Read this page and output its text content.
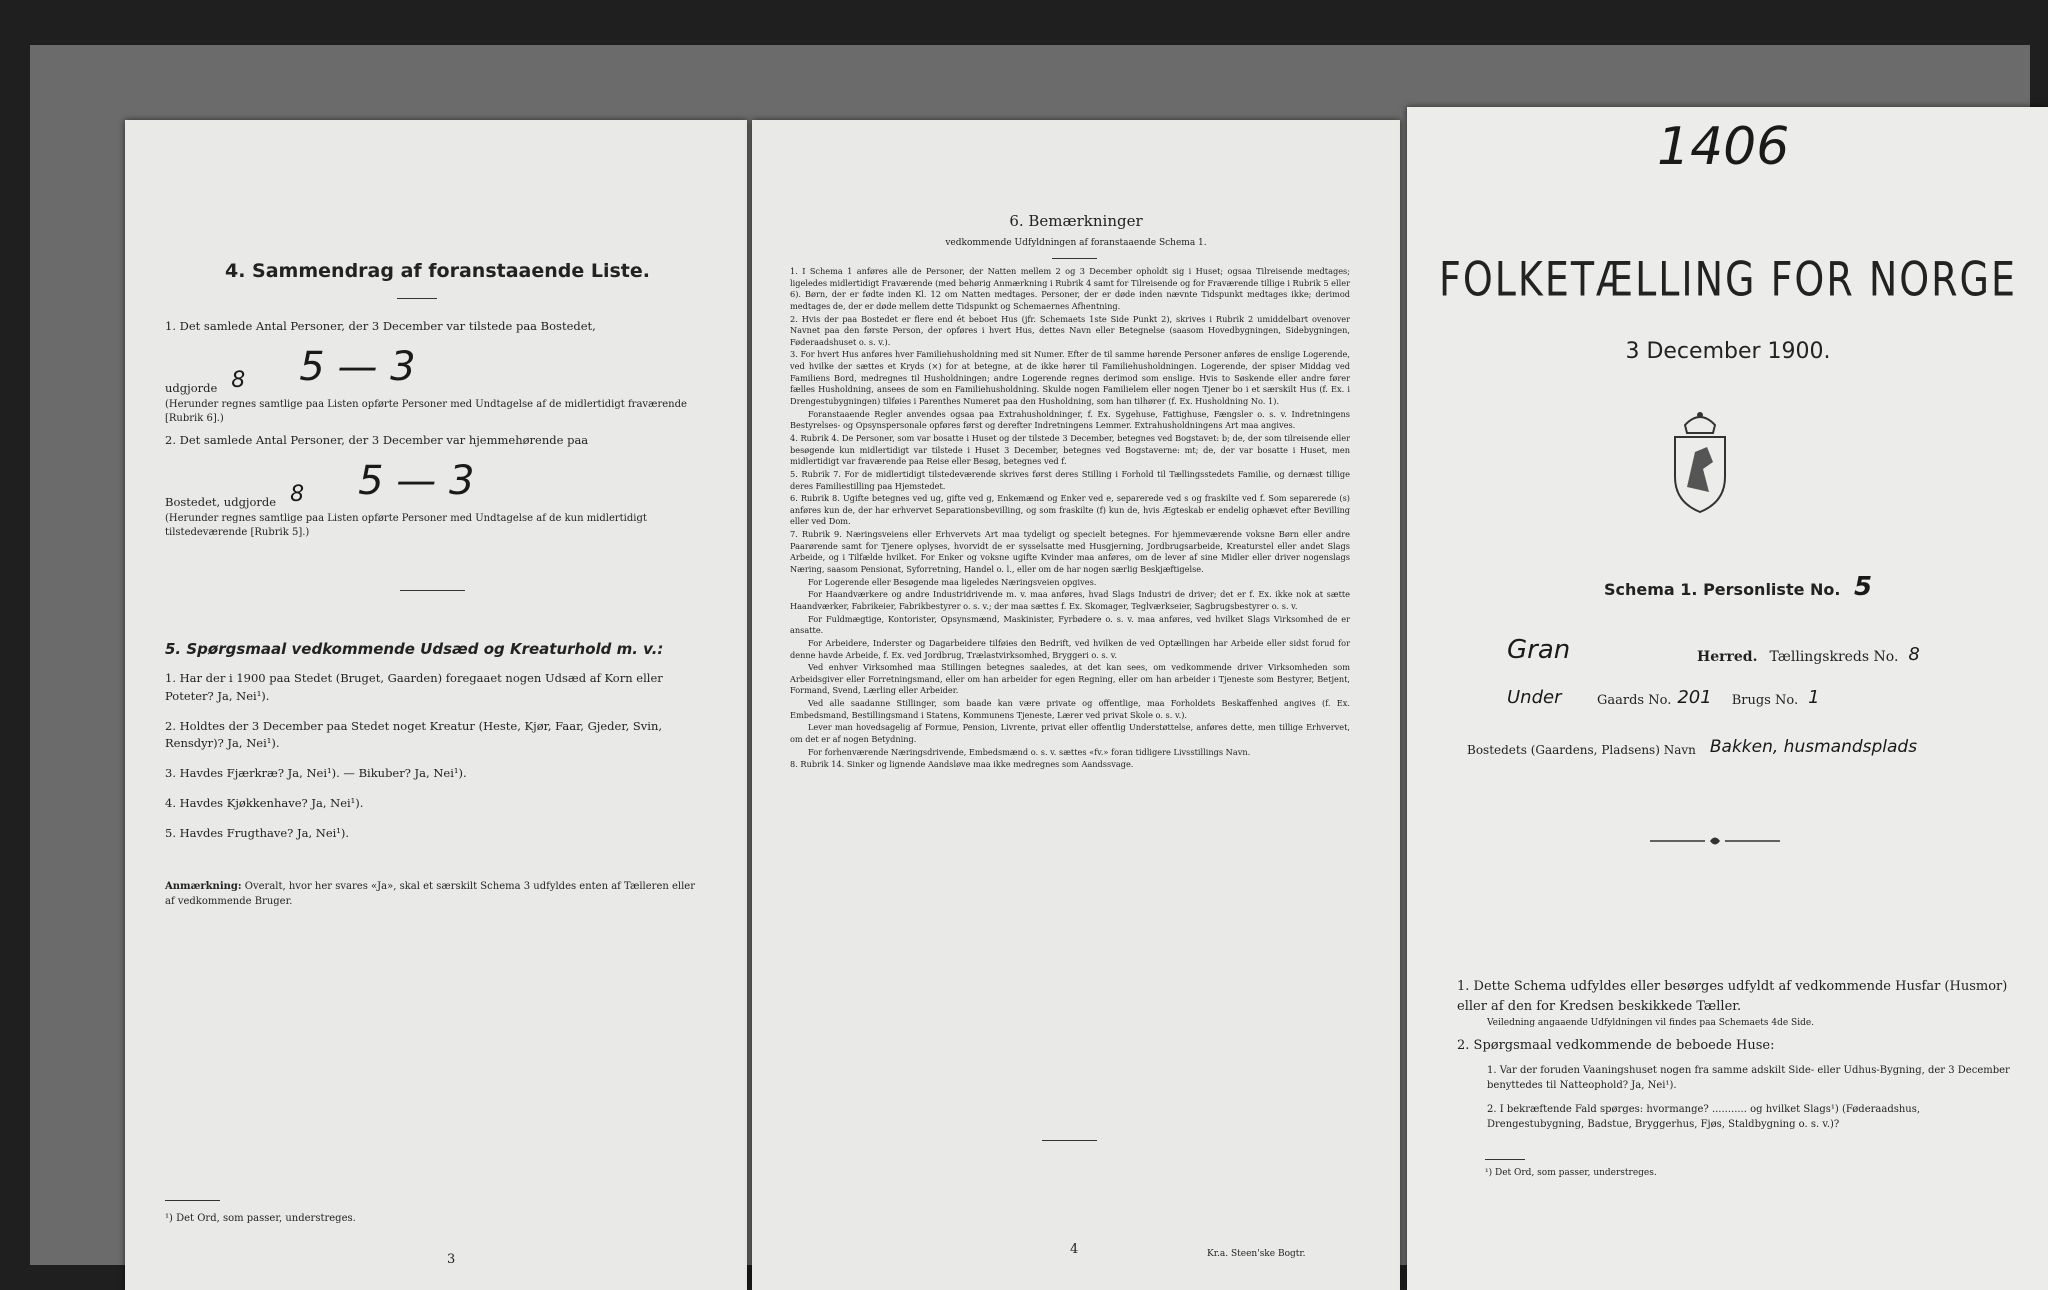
4. Sammendrag af foranstaaende Liste.
1. Det samlede Antal Personer, der 3 December var tilstede paa Bostedet,
udgjorde 8 5 — 3
(Herunder regnes samtlige paa Listen opførte Personer med Undtagelse af de midlertidigt fraværende [Rubrik 6].)
2. Det samlede Antal Personer, der 3 December var hjemmehørende paa
Bostedet, udgjorde 8 5 — 3
(Herunder regnes samtlige paa Listen opførte Personer med Undtagelse af de kun midlertidigt tilstedeværende [Rubrik 5].)
5. Spørgsmaal vedkommende Udsæd og Kreaturhold m. v.:
1. Har der i 1900 paa Stedet (Bruget, Gaarden) foregaaet nogen Udsæd af Korn eller Poteter? Ja, Nei¹).
2. Holdtes der 3 December paa Stedet noget Kreatur (Heste, Kjør, Faar, Gjeder, Svin, Rensdyr)? Ja, Nei¹).
3. Havdes Fjærkræ? Ja, Nei¹). — Bikuber? Ja, Nei¹).
4. Havdes Kjøkkenhave? Ja, Nei¹).
5. Havdes Frugthave? Ja, Nei¹).
Anmærkning: Overalt, hvor her svares «Ja», skal et særskilt Schema 3 udfyldes enten af Tælleren eller af vedkommende Bruger.
¹) Det Ord, som passer, understreges.
3
6. Bemærkninger
vedkommende Udfyldningen af foranstaaende Schema 1.
1. I Schema 1 anføres alle de Personer, der Natten mellem 2 og 3 December opholdt sig i Huset; ogsaa Tilreisende medtages; ligeledes midlertidigt Fraværende (med behørig Anmærkning i Rubrik 4 samt for Tilreisende og for Fraværende tillige i Rubrik 5 eller 6). Børn, der er fødte inden Kl. 12 om Natten medtages. Personer, der er døde inden nævnte Tidspunkt medtages ikke; derimod medtages de, der er døde mellem dette Tidspunkt og Schemaernes Afhentning.
2. Hvis der paa Bostedet er flere end ét beboet Hus (jfr. Schemaets 1ste Side Punkt 2), skrives i Rubrik 2 umiddelbart ovenover Navnet paa den første Person, der opføres i hvert Hus, dettes Navn eller Betegnelse (saasom Hovedbygningen, Sidebygningen, Føderaadshuset o. s. v.).
3. For hvert Hus anføres hver Familiehusholdning med sit Numer. Efter de til samme hørende Personer anføres de enslige Logerende, ved hvilke der sættes et Kryds (×) for at betegne, at de ikke hører til Familiehusholdningen. Logerende, der spiser Middag ved Familiens Bord, medregnes til Husholdningen; andre Logerende regnes derimod som enslige. Hvis to Søskende eller andre fører fælles Husholdning, ansees de som en Familiehusholdning. Skulde nogen Familielem eller nogen Tjener bo i et særskilt Hus (f. Ex. i Drengestubygningen) tilføies i Parenthes Numeret paa den Husholdning, som han tilhører (f. Ex. Husholdning No. 1).
Foranstaaende Regler anvendes ogsaa paa Extrahusholdninger, f. Ex. Sygehuse, Fattighuse, Fængsler o. s. v. Indretningens Bestyrelses- og Opsynspersonale opføres først og derefter Indretningens Lemmer. Extrahusholdningens Art maa angives.
4. Rubrik 4. De Personer, som var bosatte i Huset og der tilstede 3 December, betegnes ved Bogstavet: b; de, der som tilreisende eller besøgende kun midlertidigt var tilstede i Huset 3 December, betegnes ved Bogstaverne: mt; de, der var bosatte i Huset, men midlertidigt var fraværende paa Reise eller Besøg, betegnes ved f.
5. Rubrik 7. For de midlertidigt tilstedeværende skrives først deres Stilling i Forhold til Tællingsstedets Familie, og dernæst tillige deres Familiestilling paa Hjemstedet.
6. Rubrik 8. Ugifte betegnes ved ug, gifte ved g, Enkemænd og Enker ved e, separerede ved s og fraskilte ved f. Som separerede (s) anføres kun de, der har erhvervet Separationsbevilling, og som fraskilte (f) kun de, hvis Ægteskab er endelig ophævet efter Bevilling eller ved Dom.
7. Rubrik 9. Næringsveiens eller Erhvervets Art maa tydeligt og specielt betegnes. For hjemmeværende voksne Børn eller andre Paarørende samt for Tjenere oplyses, hvorvidt de er sysselsatte med Husgjerning, Jordbrugsarbeide, Kreaturstel eller andet Slags Arbeide, og i Tilfælde hvilket. For Enker og voksne ugifte Kvinder maa anføres, om de lever af sine Midler eller driver nogenslags Næring, saasom Pensionat, Syforretning, Handel o. l., eller om de har nogen særlig Beskjæftigelse.
For Logerende eller Besøgende maa ligeledes Næringsveien opgives.
For Haandværkere og andre Industridrivende m. v. maa anføres, hvad Slags Industri de driver; det er f. Ex. ikke nok at sætte Haandværker, Fabrikeier, Fabrikbestyrer o. s. v.; der maa sættes f. Ex. Skomager, Teglværkseier, Sagbrugsbestyrer o. s. v.
For Fuldmægtige, Kontorister, Opsynsmænd, Maskinister, Fyrbødere o. s. v. maa anføres, ved hvilket Slags Virksomhed de er ansatte.
For Arbeidere, Inderster og Dagarbeidere tilføies den Bedrift, ved hvilken de ved Optællingen har Arbeide eller sidst forud for denne havde Arbeide, f. Ex. ved Jordbrug, Trælastvirksomhed, Bryggeri o. s. v.
Ved enhver Virksomhed maa Stillingen betegnes saaledes, at det kan sees, om vedkommende driver Virksomheden som Arbeidsgiver eller Forretningsmand, eller om han arbeider for egen Regning, eller om han arbeider i Tjeneste som Bestyrer, Betjent, Formand, Svend, Lærling eller Arbeider.
Ved alle saadanne Stillinger, som baade kan være private og offentlige, maa Forholdets Beskaffenhed angives (f. Ex. Embedsmand, Bestillingsmand i Statens, Kommunens Tjeneste, Lærer ved privat Skole o. s. v.).
Lever man hovedsagelig af Formue, Pension, Livrente, privat eller offentlig Understøttelse, anføres dette, men tillige Erhvervet, om det er af nogen Betydning.
For forhenværende Næringsdrivende, Embedsmænd o. s. v. sættes «fv.» foran tidligere Livsstillings Navn.
8. Rubrik 14. Sinker og lignende Aandsløve maa ikke medregnes som Aandssvage.
4	Kr.a. Steen'ske Bogtr.
1406
FOLKETÆLLING FOR NORGE
3 December 1900.
Schema 1. Personliste No. 5
Gran	Herred. Tællingskreds No. 8
Under	Gaards No. 201 Brugs No. 1
Bostedets (Gaardens, Pladsens) Navn Bakken, husmandsplads
1. Dette Schema udfyldes eller besørges udfyldt af vedkommende Husfar (Husmor) eller af den for Kredsen beskikkede Tæller.
Veiledning angaaende Udfyldningen vil findes paa Schemaets 4de Side.
2. Spørgsmaal vedkommende de beboede Huse:
1. Var der foruden Vaaningshuset nogen fra samme adskilt Side- eller Udhus-Bygning, der 3 December benyttedes til Natteophold? Ja, Nei¹).
2. I bekræftende Fald spørges: hvormange? ........... og hvilket Slags¹) (Føderaadshus, Drengestubygning, Badstue, Bryggerhus, Fjøs, Staldbygning o. s. v.)?
¹) Det Ord, som passer, understreges.
